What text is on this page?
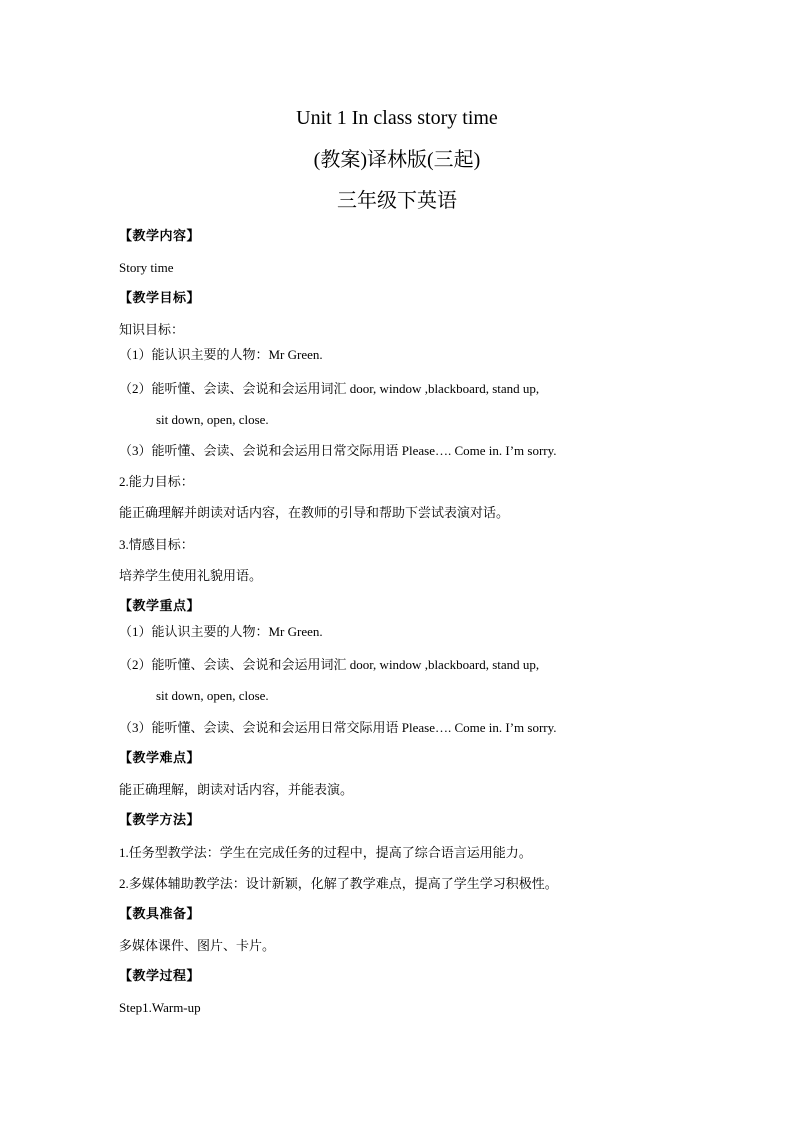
Unit 1 In class story time
(教案)译林版(三起)
三年级下英语
【教学内容】
Story time
【教学目标】
知识目标：
（1）能认识主要的人物：Mr Green.
（2）能听懂、会读、会说和会运用词汇 door, window ,blackboard, stand up,
sit down, open, close.
（3）能听懂、会读、会说和会运用日常交际用语 Please…. Come in. I’m sorry.
2.能力目标：
能正确理解并朗读对话内容，在教师的引导和帮助下尝试表演对话。
3.情感目标：
培养学生使用礼貌用语。
【教学重点】
（1）能认识主要的人物：Mr Green.
（2）能听懂、会读、会说和会运用词汇 door, window ,blackboard, stand up,
sit down, open, close.
（3）能听懂、会读、会说和会运用日常交际用语 Please…. Come in. I’m sorry.
【教学难点】
能正确理解，朗读对话内容，并能表演。
【教学方法】
1.任务型教学法：学生在完成任务的过程中，提高了综合语言运用能力。
2.多媒体辅助教学法：设计新颖，化解了教学难点，提高了学生学习积极性。
【教具准备】
多媒体课件、图片、卡片。
【教学过程】
Step1.Warm-up
